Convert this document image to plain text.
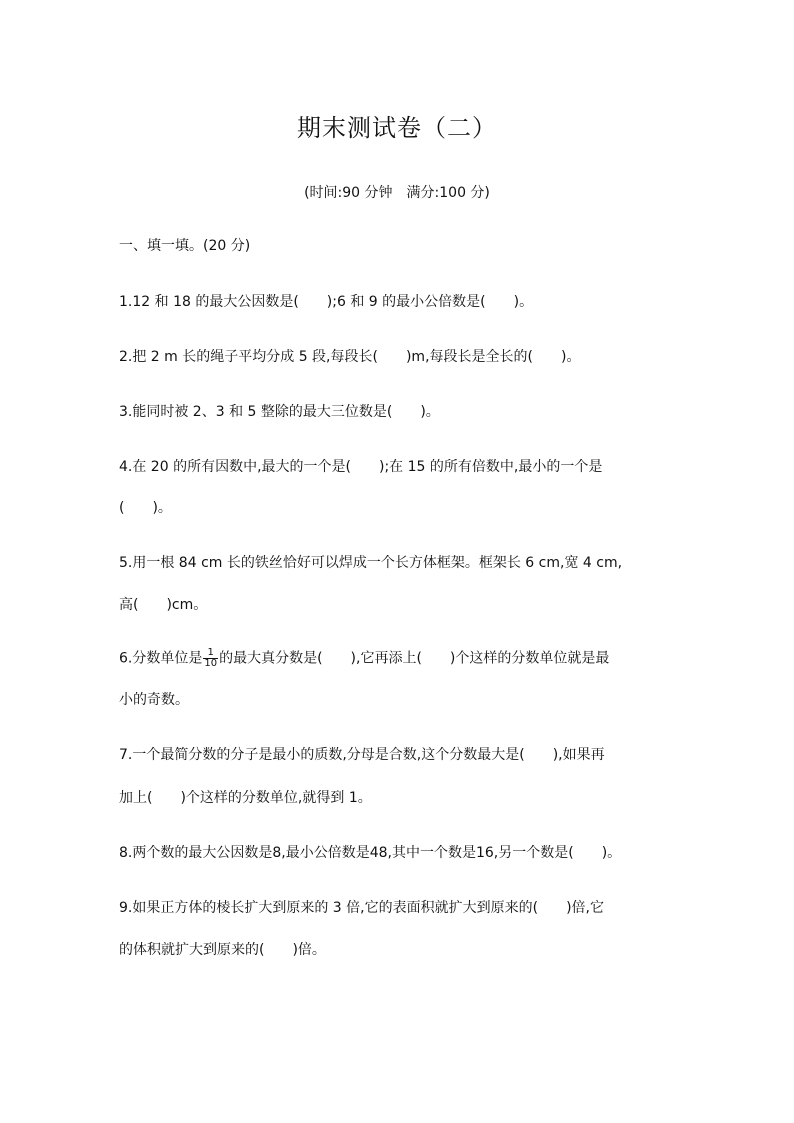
期末测试卷（二）
(时间:90 分钟　满分:100 分)
一、填一填。(20 分)
1.12 和 18 的最大公因数是(　　);6 和 9 的最小公倍数是(　　)。
2.把 2 m 长的绳子平均分成 5 段,每段长(　　)m,每段长是全长的(　　)。
3.能同时被 2、3 和 5 整除的最大三位数是(　　)。
4.在 20 的所有因数中,最大的一个是(　　);在 15 的所有倍数中,最小的一个是
(　　)。
5.用一根 84 cm 长的铁丝恰好可以焊成一个长方体框架。框架长 6 cm,宽 4 cm,
高(　　)cm。
6.分数单位是 $\frac{1}{10}$ 的最大真分数是(　　),它再添上(　　)个这样的分数单位就是最
小的奇数。
7.一个最简分数的分子是最小的质数,分母是合数,这个分数最大是(　　),如果再
加上(　　)个这样的分数单位,就得到 1。
8.两个数的最大公因数是8,最小公倍数是48,其中一个数是16,另一个数是(　　)。
9.如果正方体的棱长扩大到原来的 3 倍,它的表面积就扩大到原来的(　　)倍,它
的体积就扩大到原来的(　　)倍。
